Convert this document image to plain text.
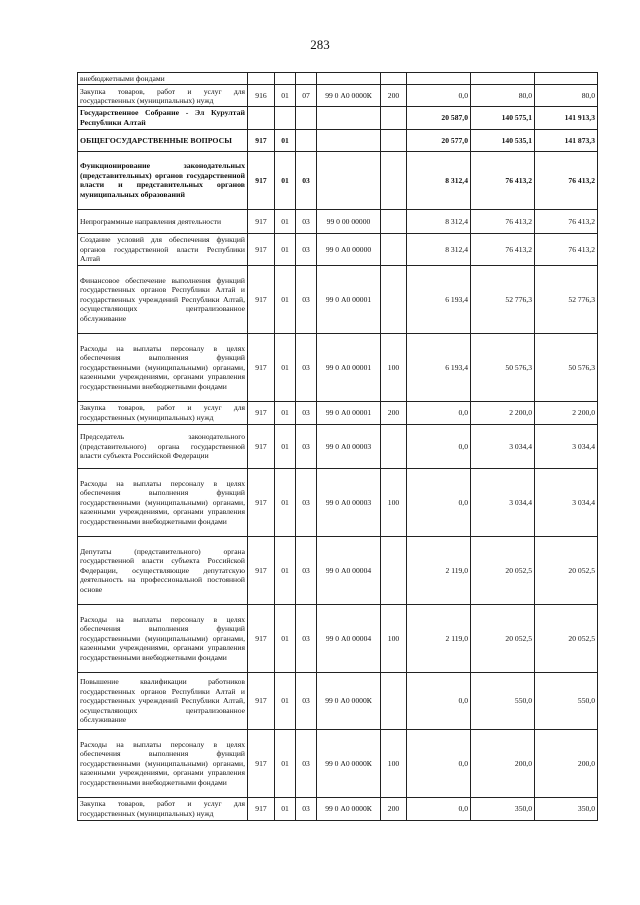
283
внебюджетными фондами								
Закупка товаров, работ и услуг для государственных (муниципальных) нужд	916	01	07	99 0 А0 0000К	200	0,0	80,0	80,0
Государственное Собрание - Эл Курултай Республики Алтай						20 587,0	140 575,1	141 913,3
ОБЩЕГОСУДАРСТВЕННЫЕ ВОПРОСЫ	917	01				20 577,0	140 535,1	141 873,3
Функционирование законодательных (представительных) органов государственной власти и представительных органов муниципальных образований	917	01	03			8 312,4	76 413,2	76 413,2
Непрограммные направления деятельности	917	01	03	99 0 00 00000		8 312,4	76 413,2	76 413,2
Создание условий для обеспечения функций органов государственной власти Республики Алтай	917	01	03	99 0 А0 00000		8 312,4	76 413,2	76 413,2
Финансовое обеспечение выполнения функций государственных органов Республики Алтай и государственных учреждений Республики Алтай, осуществляющих централизованное обслуживание	917	01	03	99 0 А0 00001		6 193,4	52 776,3	52 776,3
Расходы на выплаты персоналу в целях обеспечения выполнения функций государственными (муниципальными) органами, казенными учреждениями, органами управления государственными внебюджетными фондами	917	01	03	99 0 А0 00001	100	6 193,4	50 576,3	50 576,3
Закупка товаров, работ и услуг для государственных (муниципальных) нужд	917	01	03	99 0 А0 00001	200	0,0	2 200,0	2 200,0
Председатель законодательного (представительного) органа государственной власти субъекта Российской Федерации	917	01	03	99 0 А0 00003		0,0	3 034,4	3 034,4
Расходы на выплаты персоналу в целях обеспечения выполнения функций государственными (муниципальными) органами, казенными учреждениями, органами управления государственными внебюджетными фондами	917	01	03	99 0 А0 00003	100	0,0	3 034,4	3 034,4
Депутаты (представительного) органа государственной власти субъекта Российской Федерации, осуществляющие депутатскую деятельность на профессиональной постоянной основе	917	01	03	99 0 А0 00004		2 119,0	20 052,5	20 052,5
Расходы на выплаты персоналу в целях обеспечения выполнения функций государственными (муниципальными) органами, казенными учреждениями, органами управления государственными внебюджетными фондами	917	01	03	99 0 А0 00004	100	2 119,0	20 052,5	20 052,5
Повышение квалификации работников государственных органов Республики Алтай и государственных учреждений Республики Алтай, осуществляющих централизованное обслуживание	917	01	03	99 0 А0 0000К		0,0	550,0	550,0
Расходы на выплаты персоналу в целях обеспечения выполнения функций государственными (муниципальными) органами, казенными учреждениями, органами управления государственными внебюджетными фондами	917	01	03	99 0 А0 0000К	100	0,0	200,0	200,0
Закупка товаров, работ и услуг для государственных (муниципальных) нужд	917	01	03	99 0 А0 0000К	200	0,0	350,0	350,0
